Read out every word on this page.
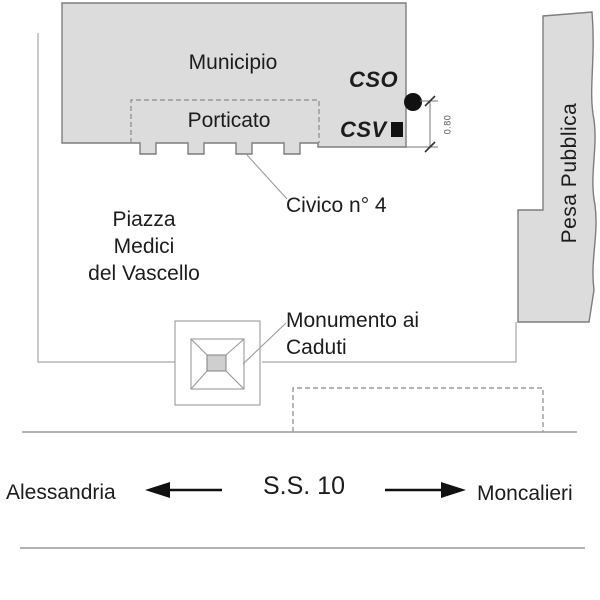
Municipio
Porticato
CSO
CSV
Civico n° 4
Piazza
Medici
del Vascello
Monumento ai
Caduti
Pesa Pubblica
0.80
Alessandria	S.S. 10	Moncalieri
